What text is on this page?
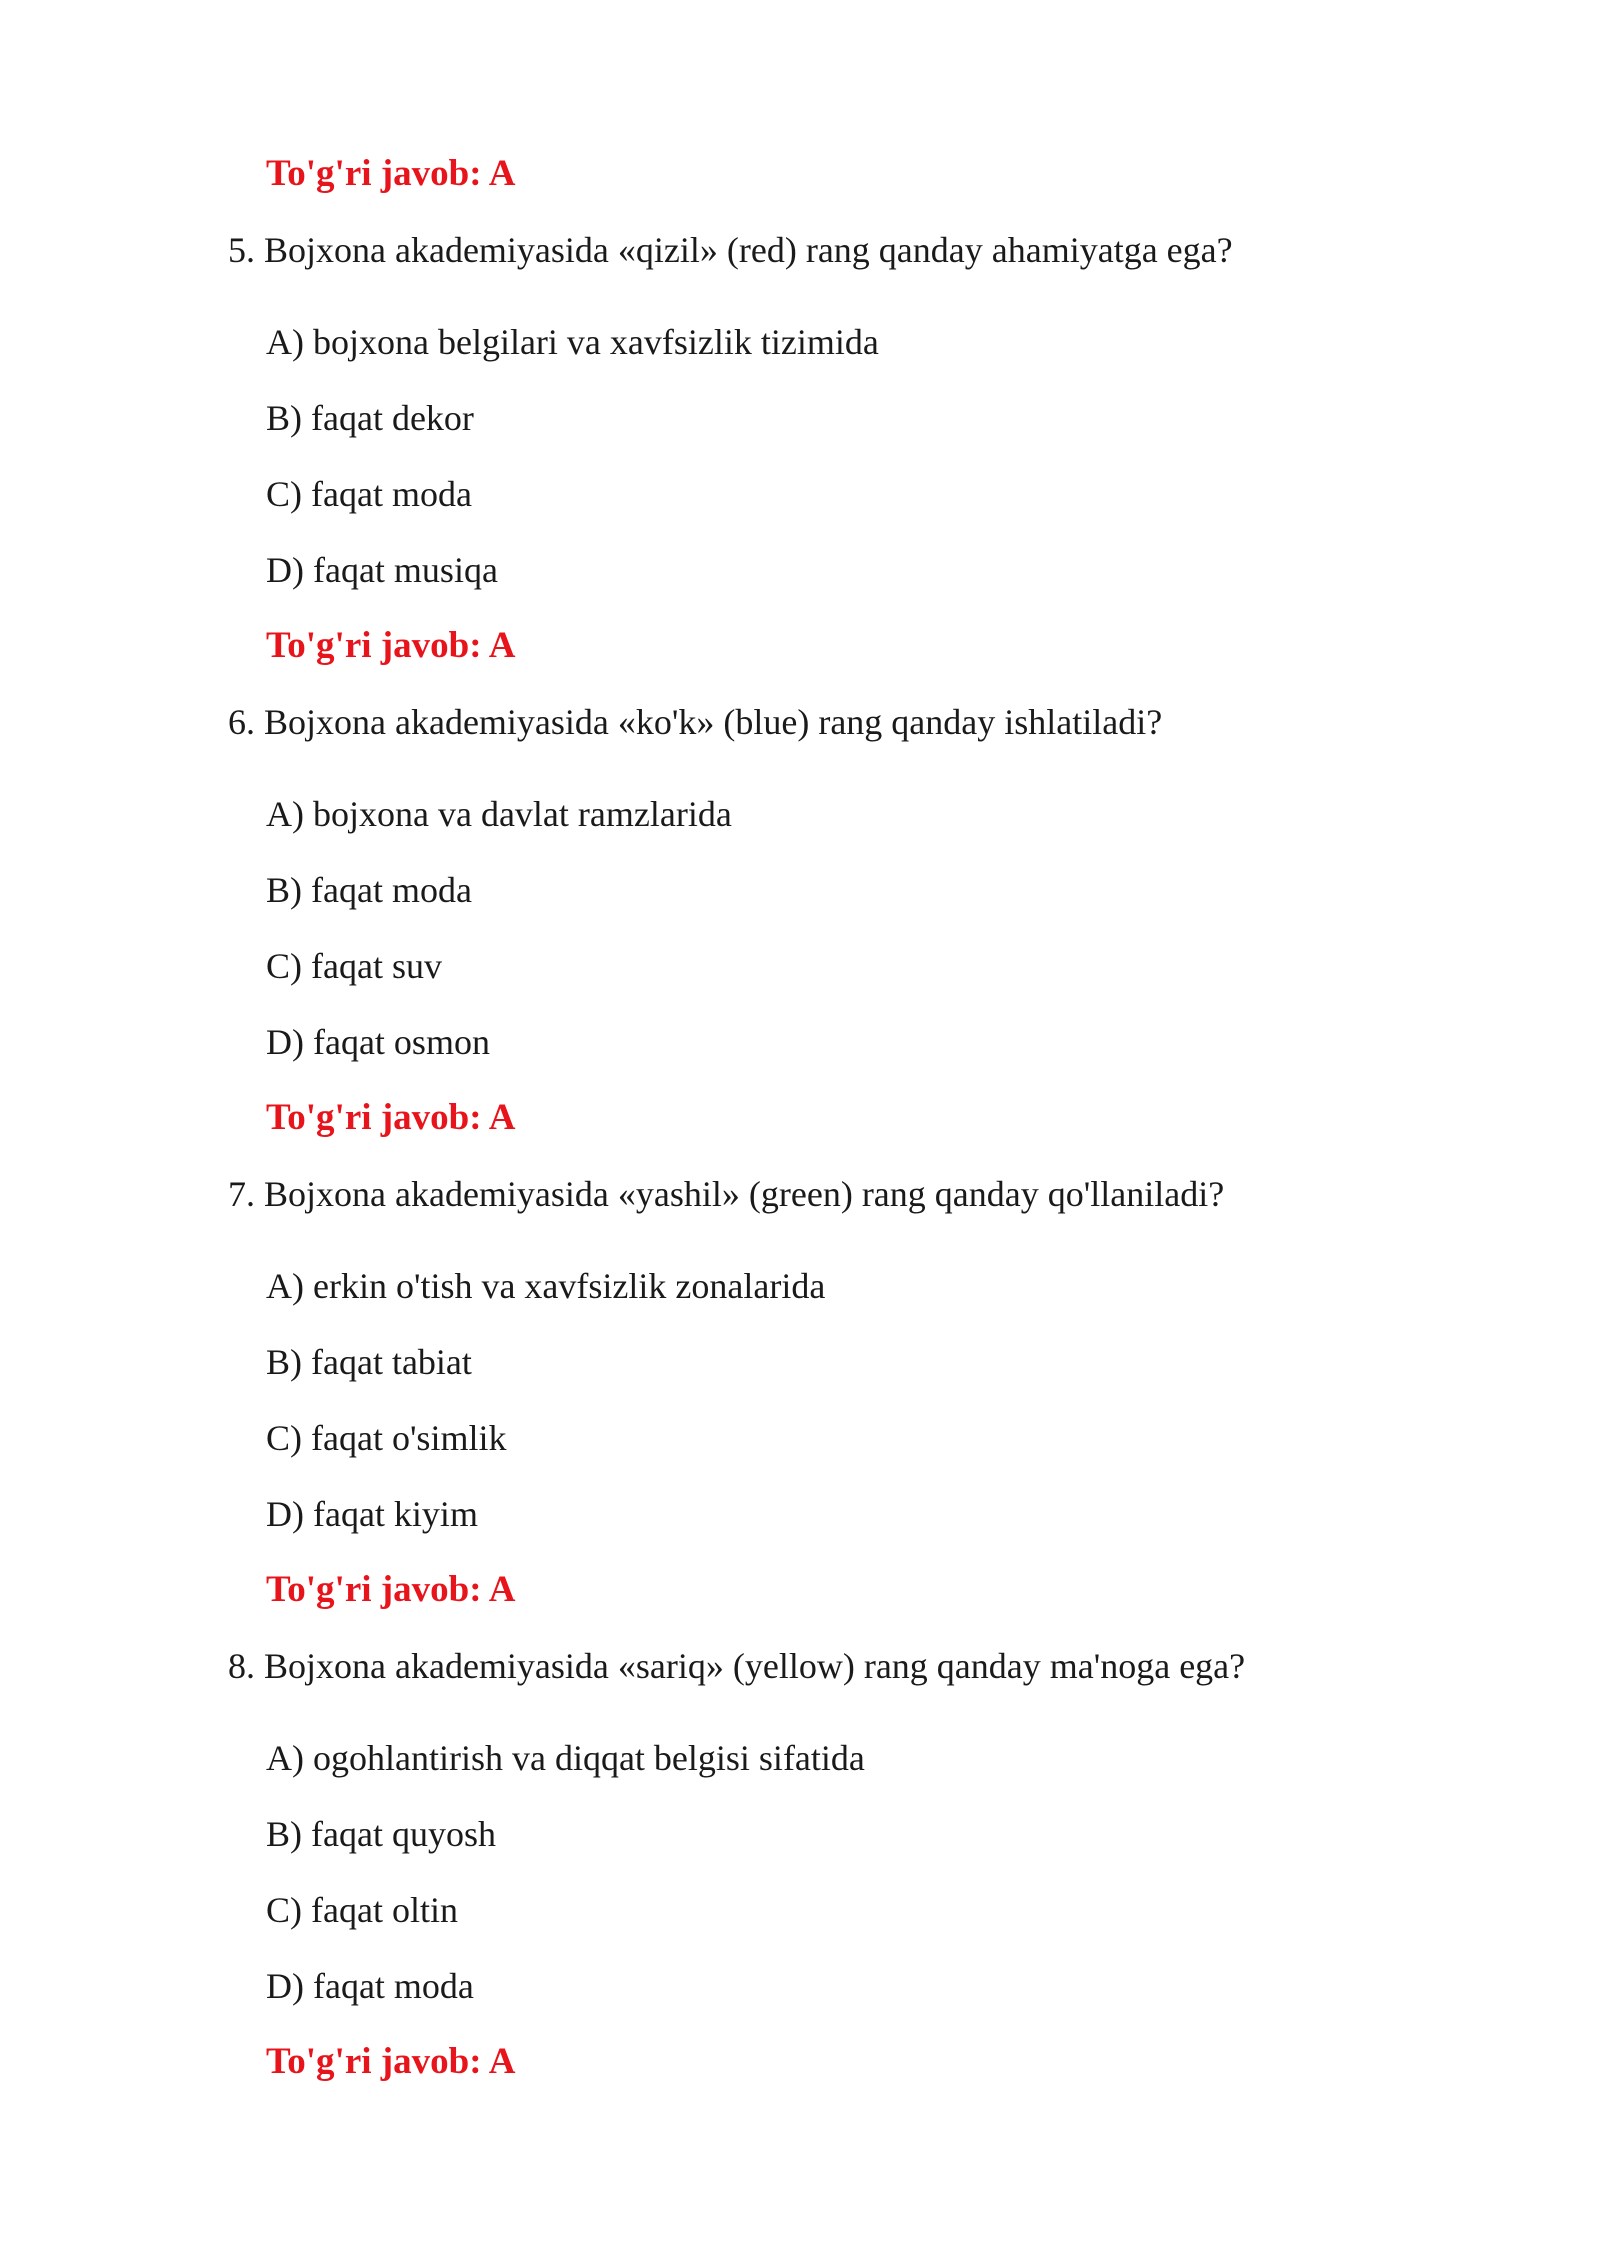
To'g'ri javob: A
5. Bojxona akademiyasida «qizil» (red) rang qanday ahamiyatga ega?
A) bojxona belgilari va xavfsizlik tizimida
B) faqat dekor
C) faqat moda
D) faqat musiqa
To'g'ri javob: A
6. Bojxona akademiyasida «ko'k» (blue) rang qanday ishlatiladi?
A) bojxona va davlat ramzlarida
B) faqat moda
C) faqat suv
D) faqat osmon
To'g'ri javob: A
7. Bojxona akademiyasida «yashil» (green) rang qanday qo'llaniladi?
A) erkin o'tish va xavfsizlik zonalarida
B) faqat tabiat
C) faqat o'simlik
D) faqat kiyim
To'g'ri javob: A
8. Bojxona akademiyasida «sariq» (yellow) rang qanday ma'noga ega?
A) ogohlantirish va diqqat belgisi sifatida
B) faqat quyosh
C) faqat oltin
D) faqat moda
To'g'ri javob: A
